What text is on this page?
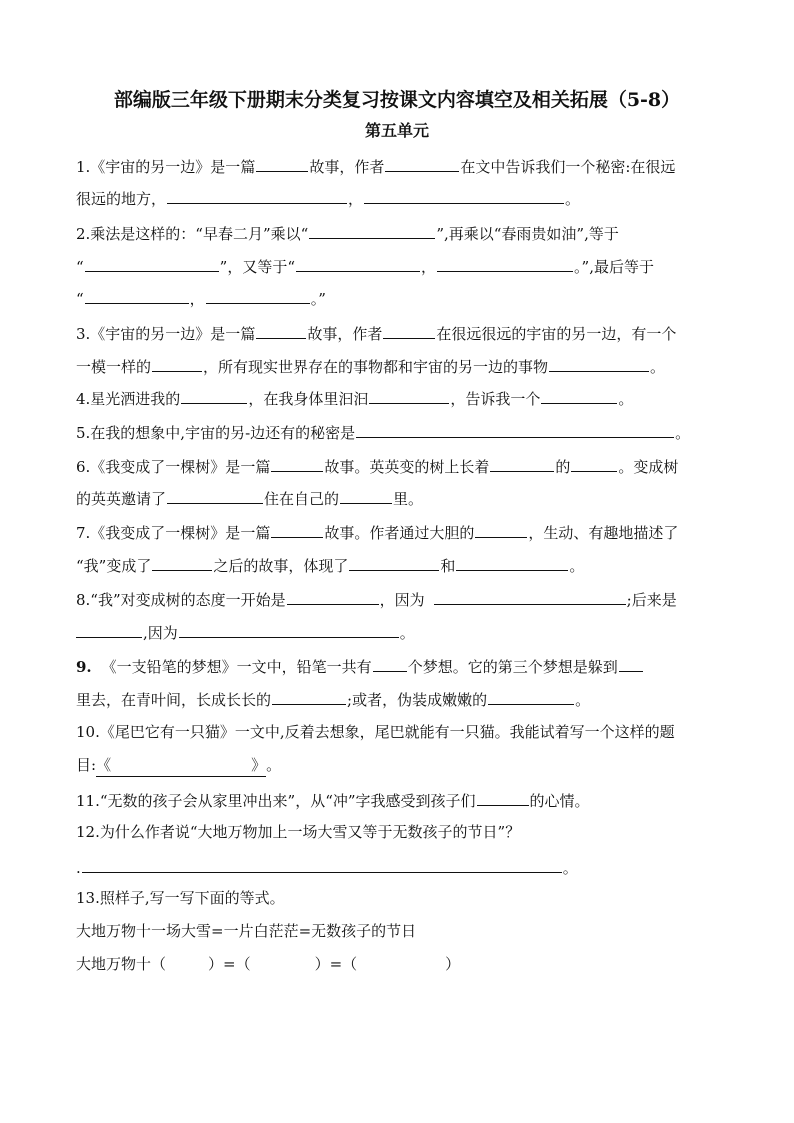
部编版三年级下册期末分类复习按课文内容填空及相关拓展（5-8）
第五单元
1.《宇宙的另一边》是一篇	故事，作者	在文中告诉我们一个秘密:在很远
很远的地方，	，	。
2.乘法是这样的：“早春二月”乘以“	”,再乘以“春雨贵如油”,等于
“	”，又等于“	，	。”,最后等于
“	，	。”
3.《宇宙的另一边》是一篇	故事，作者	在很远很远的宇宙的另一边，有一个
一模一样的	，所有现实世界存在的事物都和宇宙的另一边的事物	。
4.星光洒进我的	，在我身体里汩汩	，告诉我一个	。
5.在我的想象中,宇宙的另-边还有的秘密是	。
6.《我变成了一棵树》是一篇	故事。英英变的树上长着	的	。变成树
的英英邀请了	住在自己的	里。
7.《我变成了一棵树》是一篇	故事。作者通过大胆的	，生动、有趣地描述了
“我”变成了	之后的故事，体现了	和	。
8.“我”对变成树的态度一开始是	，因为	;后来是
,因为	。
9. 《一支铅笔的梦想》一文中，铅笔一共有 个梦想。它的第三个梦想是躲到
里去，在青叶间，长成长长的	;或者，伪装成嫩嫩的	。
10.《尾巴它有一只猫》一文中,反着去想象，尾巴就能有一只猫。我能试着写一个这样的题
目:《	》。
11.“无数的孩子会从家里冲出来”，从“冲”字我感受到孩子们	的心情。
12.为什么作者说“大地万物加上一场大雪又等于无数孩子的节日”？
.	。
13.照样子,写一写下面的等式。
大地万物十一场大雪=一片白茫茫=无数孩子的节日
大地万物十（	）=（	）=（	）
